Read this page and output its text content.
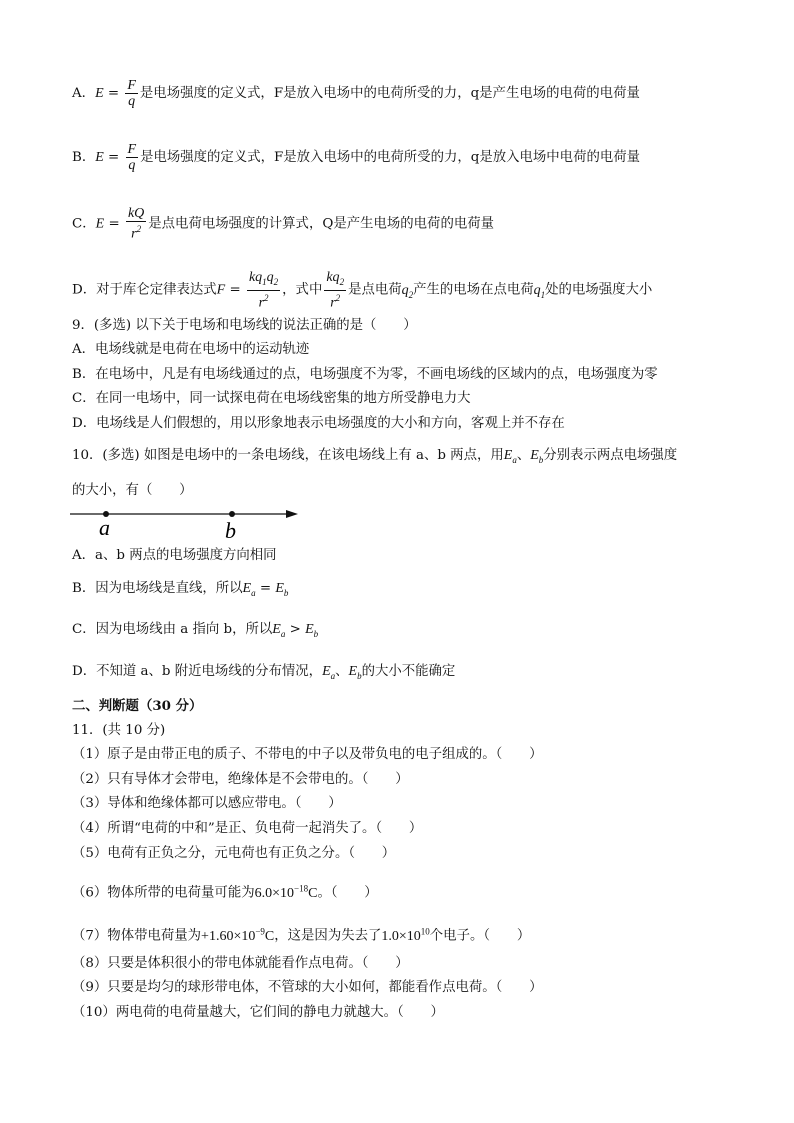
A．$E = \frac{F}{q}$ 是电场强度的定义式，F是放入电场中的电荷所受的力，q是产生电场的电荷的电荷量
B．$E = \frac{F}{q}$ 是电场强度的定义式，F是放入电场中的电荷所受的力，q是放入电场中电荷的电荷量
C．$E = \frac{kQ}{r^2}$ 是点电荷电场强度的计算式，Q是产生电场的电荷的电荷量
D．对于库仑定律表达式$F = \frac{kq_1q_2}{r^2}$ ，式中 $\frac{kq_2}{r^2}$ 是点电荷$q_2$产生的电场在点电荷$q_1$处的电场强度大小
9．(多选) 以下关于电场和电场线的说法正确的是（　　）
A．电场线就是电荷在电场中的运动轨迹
B．在电场中，凡是有电场线通过的点，电场强度不为零，不画电场线的区域内的点，电场强度为零
C．在同一电场中，同一试探电荷在电场线密集的地方所受静电力大
D．电场线是人们假想的，用以形象地表示电场强度的大小和方向，客观上并不存在
10．(多选) 如图是电场中的一条电场线，在该电场线上有 a、b 两点，用$E_a$、$E_b$分别表示两点电场强度
的大小，有（　　）
a	b
A．a、b 两点的电场强度方向相同
B．因为电场线是直线，所以$E_a = E_b$
C．因为电场线由 a 指向 b，所以$E_a > E_b$
D．不知道 a、b 附近电场线的分布情况，$E_a$、$E_b$的大小不能确定
二、判断题（30 分）
11．(共 10 分)
（1）原子是由带正电的质子、不带电的中子以及带负电的电子组成的。（　　）
（2）只有导体才会带电，绝缘体是不会带电的。（　　）
（3）导体和绝缘体都可以感应带电。（　　）
（4）所谓“电荷的中和”是正、负电荷一起消失了。（　　）
（5）电荷有正负之分，元电荷也有正负之分。（　　）
（6）物体所带的电荷量可能为$6.0\times 10^{-18}C$。（　　）
（7）物体带电荷量为$+1.60\times 10^{-9}C$，这是因为失去了$1.0\times 10^{10}$个电子。（　　）
（8）只要是体积很小的带电体就能看作点电荷。（　　）
（9）只要是均匀的球形带电体，不管球的大小如何，都能看作点电荷。（　　）
（10）两电荷的电荷量越大，它们间的静电力就越大。（　　）
